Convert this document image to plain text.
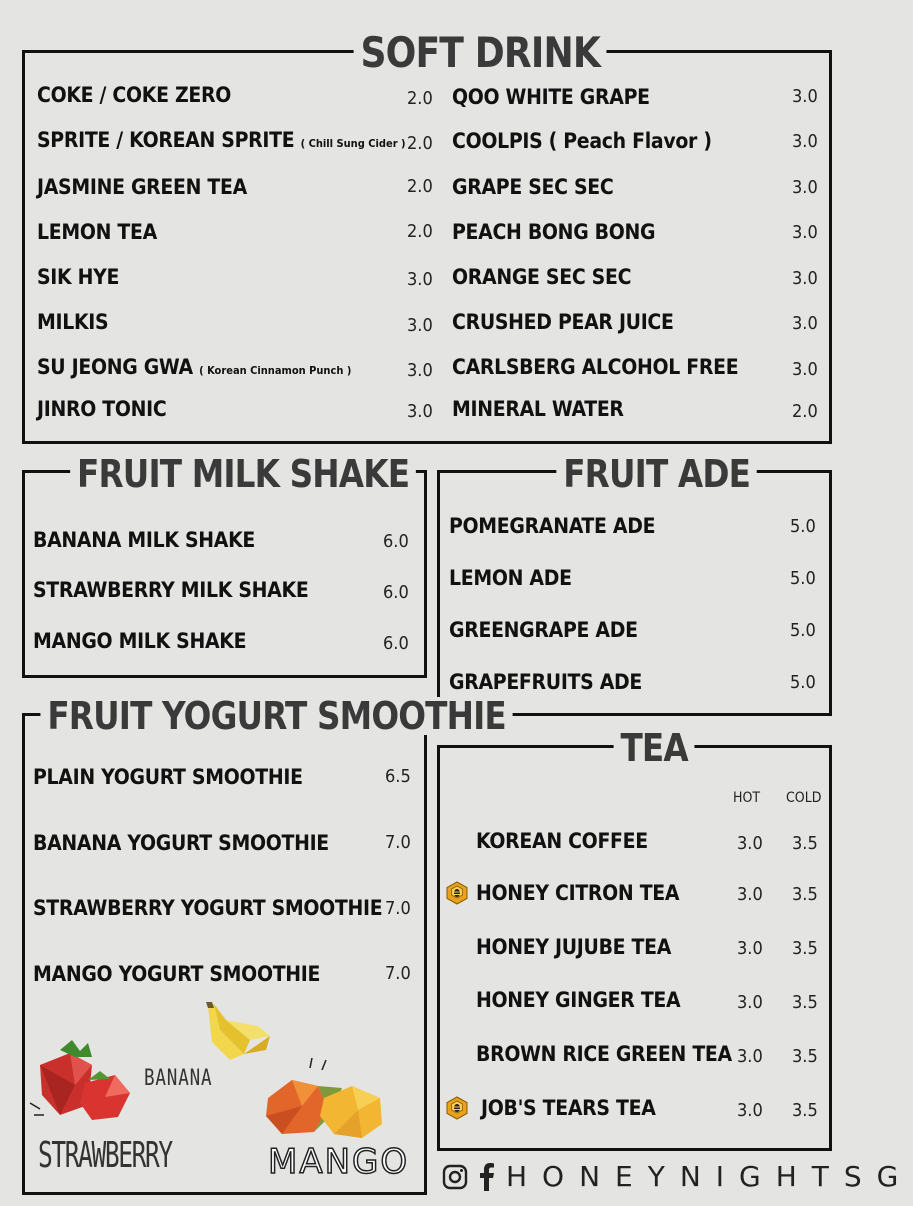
SOFT DRINK
COKE / COKE ZERO	2.0
SPRITE / KOREAN SPRITE ( Chill Sung Cider ) 2.0
JASMINE GREEN TEA	2.0
LEMON TEA	2.0
SIK HYE	3.0
MILKIS	3.0
SU JEONG GWA ( Korean Cinnamon Punch )	3.0
JINRO TONIC	3.0
QOO WHITE GRAPE	3.0
COOLPIS ( Peach Flavor )	3.0
GRAPE SEC SEC	3.0
PEACH BONG BONG	3.0
ORANGE SEC SEC	3.0
CRUSHED PEAR JUICE	3.0
CARLSBERG ALCOHOL FREE	3.0
MINERAL WATER	2.0
FRUIT MILK SHAKE
BANANA MILK SHAKE	6.0
STRAWBERRY MILK SHAKE	6.0
MANGO MILK SHAKE	6.0
FRUIT ADE
POMEGRANATE ADE	5.0
LEMON ADE	5.0
GREENGRAPE ADE	5.0
GRAPEFRUITS ADE	5.0
FRUIT YOGURT SMOOTHIE
PLAIN YOGURT SMOOTHIE	6.5
BANANA YOGURT SMOOTHIE	7.0
STRAWBERRY YOGURT SMOOTHIE 7.0
MANGO YOGURT SMOOTHIE	7.0
BANANA
STRAWBERRY	MANGO
TEA
HOT COLD
KOREAN COFFEE	3.0 3.5
HONEY CITRON TEA	3.0 3.5
HONEY JUJUBE TEA	3.0 3.5
HONEY GINGER TEA	3.0 3.5
BROWN RICE GREEN TEA 3.0 3.5
JOB'S TEARS TEA	3.0 3.5
HONEYNIGHTSG
